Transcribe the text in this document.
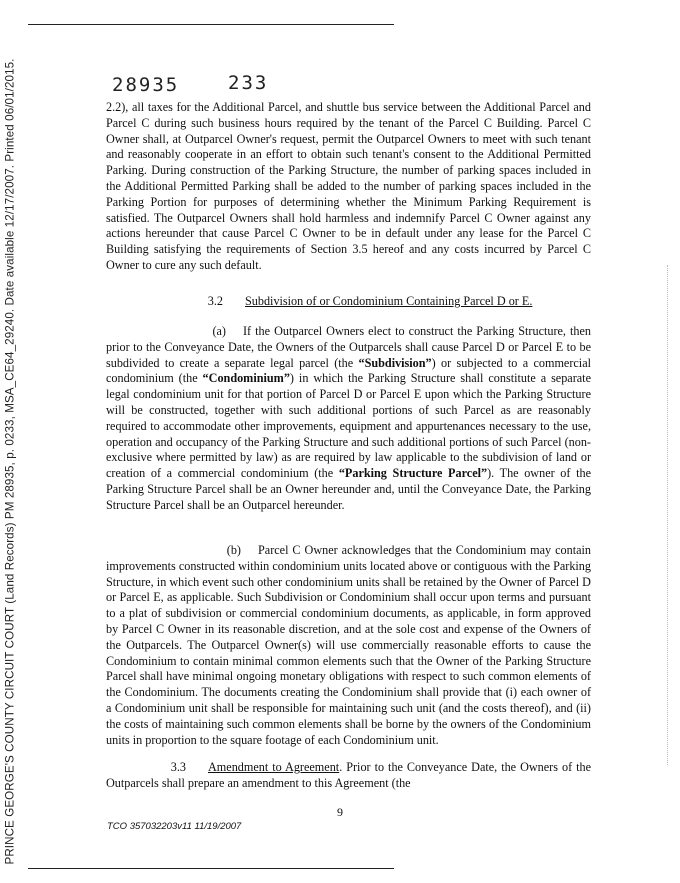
PRINCE GEORGE'S COUNTY CIRCUIT COURT (Land Records) PM 28935, p. 0233, MSA_CE64_29240. Date available 12/17/2007. Printed 06/01/2015.	28935	233
2.2), all taxes for the Additional Parcel, and shuttle bus service between the Additional Parcel and Parcel C during such business hours required by the tenant of the Parcel C Building. Parcel C Owner shall, at Outparcel Owner's request, permit the Outparcel Owners to meet with such tenant and reasonably cooperate in an effort to obtain such tenant's consent to the Additional Permitted Parking. During construction of the Parking Structure, the number of parking spaces included in the Additional Permitted Parking shall be added to the number of parking spaces included in the Parking Portion for purposes of determining whether the Minimum Parking Requirement is satisfied. The Outparcel Owners shall hold harmless and indemnify Parcel C Owner against any actions hereunder that cause Parcel C Owner to be in default under any lease for the Parcel C Building satisfying the requirements of Section 3.5 hereof and any costs incurred by Parcel C Owner to cure any such default.
3.2 Subdivision of or Condominium Containing Parcel D or E.
(a) If the Outparcel Owners elect to construct the Parking Structure, then prior to the Conveyance Date, the Owners of the Outparcels shall cause Parcel D or Parcel E to be subdivided to create a separate legal parcel (the “Subdivision”) or subjected to a commercial condominium (the “Condominium”) in which the Parking Structure shall constitute a separate legal condominium unit for that portion of Parcel D or Parcel E upon which the Parking Structure will be constructed, together with such additional portions of such Parcel as are reasonably required to accommodate other improvements, equipment and appurtenances necessary to the use, operation and occupancy of the Parking Structure and such additional portions of such Parcel (non-exclusive where permitted by law) as are required by law applicable to the subdivision of land or creation of a commercial condominium (the “Parking Structure Parcel”). The owner of the Parking Structure Parcel shall be an Owner hereunder and, until the Conveyance Date, the Parking Structure Parcel shall be an Outparcel hereunder.
(b) Parcel C Owner acknowledges that the Condominium may contain improvements constructed within condominium units located above or contiguous with the Parking Structure, in which event such other condominium units shall be retained by the Owner of Parcel D or Parcel E, as applicable. Such Subdivision or Condominium shall occur upon terms and pursuant to a plat of subdivision or commercial condominium documents, as applicable, in form approved by Parcel C Owner in its reasonable discretion, and at the sole cost and expense of the Owners of the Outparcels. The Outparcel Owner(s) will use commercially reasonable efforts to cause the Condominium to contain minimal common elements such that the Owner of the Parking Structure Parcel shall have minimal ongoing monetary obligations with respect to such common elements of the Condominium. The documents creating the Condominium shall provide that (i) each owner of a Condominium unit shall be responsible for maintaining such unit (and the costs thereof), and (ii) the costs of maintaining such common elements shall be borne by the owners of the Condominium units in proportion to the square footage of each Condominium unit.
3.3 Amendment to Agreement. Prior to the Conveyance Date, the Owners of the Outparcels shall prepare an amendment to this Agreement (the
9
TCO 357032203v11 11/19/2007
